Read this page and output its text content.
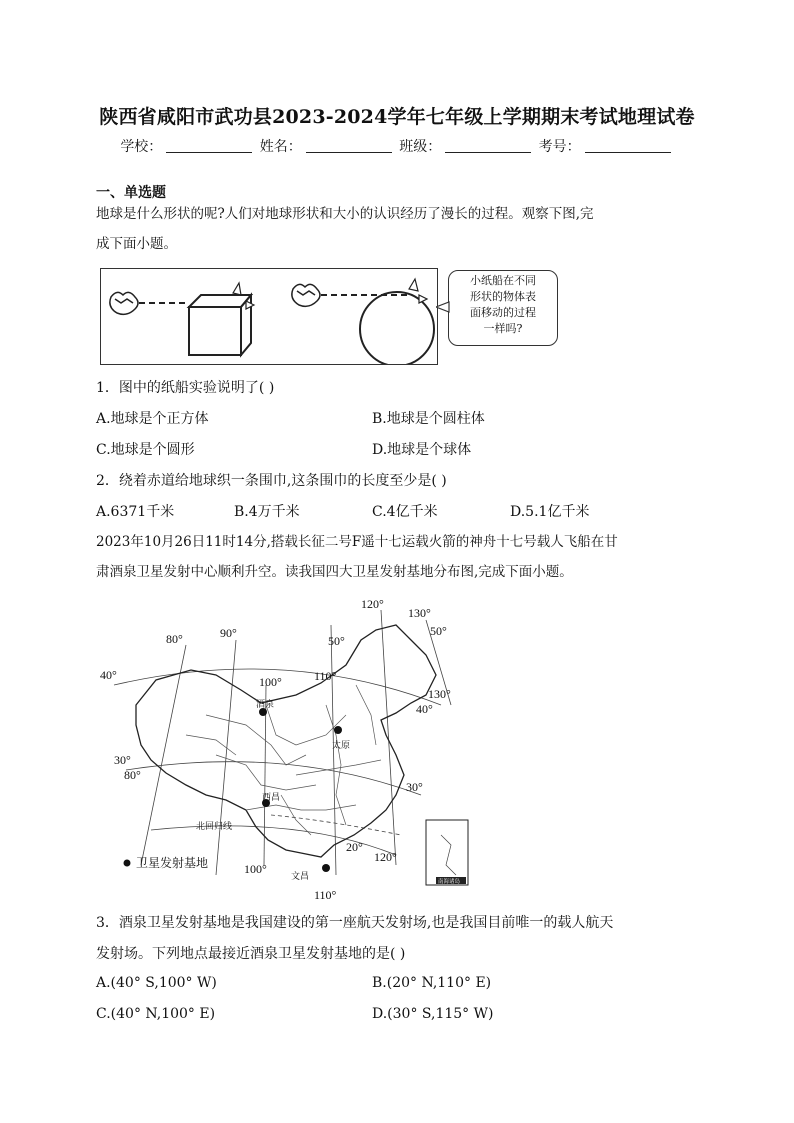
陕西省咸阳市武功县2023-2024学年七年级上学期期末考试地理试卷
学校：	姓名：	班级：	考号：
一、单选题
地球是什么形状的呢?人们对地球形状和大小的认识经历了漫长的过程。观察下图,完
成下面小题。
小纸船在不同
形状的物体表
面移动的过程
一样吗?
1．图中的纸船实验说明了( )
A.地球是个正方体	B.地球是个圆柱体
C.地球是个圆形	D.地球是个球体
2．绕着赤道给地球织一条围巾,这条围巾的长度至少是( )
A.6371千米	B.4万千米	C.4亿千米	D.5.1亿千米
2023年10月26日11时14分,搭载长征二号F遥十七运载火箭的神舟十七号载人飞船在甘
肃酒泉卫星发射中心顺利升空。读我国四大卫星发射基地分布图,完成下面小题。
南海诸岛
酒泉
太原
西昌
文昌
北回归线
80°	90°
100°	110°
120°
130°
130°
40°
40°
50°
50°
30°
30°
80°
100°
110°
120°
20°
卫星发射基地
3．酒泉卫星发射基地是我国建设的第一座航天发射场,也是我国目前唯一的载人航天
发射场。下列地点最接近酒泉卫星发射基地的是( )
A.(40° S,100° W)	B.(20° N,110° E)
C.(40° N,100° E)	D.(30° S,115° W)
